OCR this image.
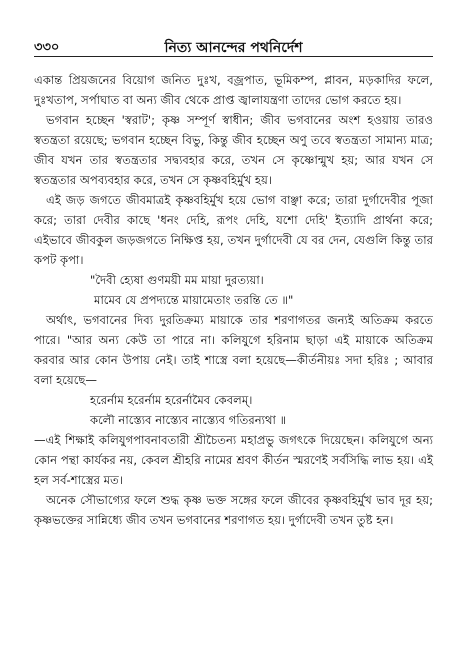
৩৩০	নিত্য আনন্দের পথনির্দেশ

একান্ত প্রিয়জনের বিয়োগ জনিত দুঃখ, বজ্রপাত, ভূমিকম্প, প্লাবন, মড়কাদির ফলে, দুঃখতাপ, সর্পাঘাত বা অন্য জীব থেকে প্রাপ্ত জ্বালাযন্ত্রণা তাদের ভোগ করতে হয়।

ভগবান হচ্ছেন 'স্বরাট'; কৃষ্ণ সম্পূর্ণ স্বাধীন; জীব ভগবানের অংশ হওয়ায় তারও স্বতন্ত্রতা রয়েছে; ভগবান হচ্ছেন বিভু, কিন্তু জীব হচ্ছেন অণু তবে স্বতন্ত্রতা সামান্য মাত্র; জীব যখন তার স্বতন্ত্রতার সদ্ব্যবহার করে, তখন সে কৃষ্ণোন্মুখ হয়; আর যখন সে স্বতন্ত্রতার অপব্যবহার করে, তখন সে কৃষ্ণবহির্মুখ হয়।

এই জড় জগতে জীবমাত্রই কৃষ্ণবহির্মুখ হয়ে ভোগ বাঞ্ছা করে; তারা দুর্গাদেবীর পূজা করে; তারা দেবীর কাছে 'ধনং দেহি, রূপং দেহি, যশো দেহি' ইত্যাদি প্রার্থনা করে; এইভাবে জীবকুল জড়জগতে নিক্ষিপ্ত হয়, তখন দুর্গাদেবী যে বর দেন, যেগুলি কিন্তু তার কপট কৃপা।

"দৈবী হ্যেষা গুণময়ী মম মায়া দুরত্যয়া।

মামেব যে প্রপদ্যন্তে মায়ামেতাং তরন্তি তে ॥"

অর্থাৎ, ভগবানের দিব্য দুরতিক্রম্য মায়াকে তার শরণাগতর জন্যই অতিক্রম করতে পারে। "আর অন্য কেউ তা পারে না। কলিযুগে হরিনাম ছাড়া এই মায়াকে অতিক্রম করবার আর কোন উপায় নেই। তাই শাস্ত্রে বলা হয়েছে—কীর্তনীয়ঃ সদা হরিঃ ; আবার বলা হয়েছে—

হরের্নাম হরের্নাম হরের্নামৈব কেবলম্।

কলৌ নাস্ত্যেব নাস্ত্যেব নাস্ত্যেব গতিরন্যথা ॥

—এই শিক্ষাই কলিযুগপাবনাবতারী শ্রীচৈতন্য মহাপ্রভু জগৎকে দিয়েছেন। কলিযুগে অন্য কোন পন্থা কার্যকর নয়, কেবল শ্রীহরি নামের শ্রবণ কীর্তন স্মরণেই সর্বসিদ্ধি লাভ হয়। এই হল সর্ব-শাস্ত্রের মত।

অনেক সৌভাগ্যের ফলে শুদ্ধ কৃষ্ণ ভক্ত সঙ্গের ফলে জীবের কৃষ্ণবহির্মুখ ভাব দূর হয়; কৃষ্ণভক্তের সান্নিধ্যে জীব তখন ভগবানের শরণাগত হয়। দুর্গাদেবী তখন তুষ্ট হন।
